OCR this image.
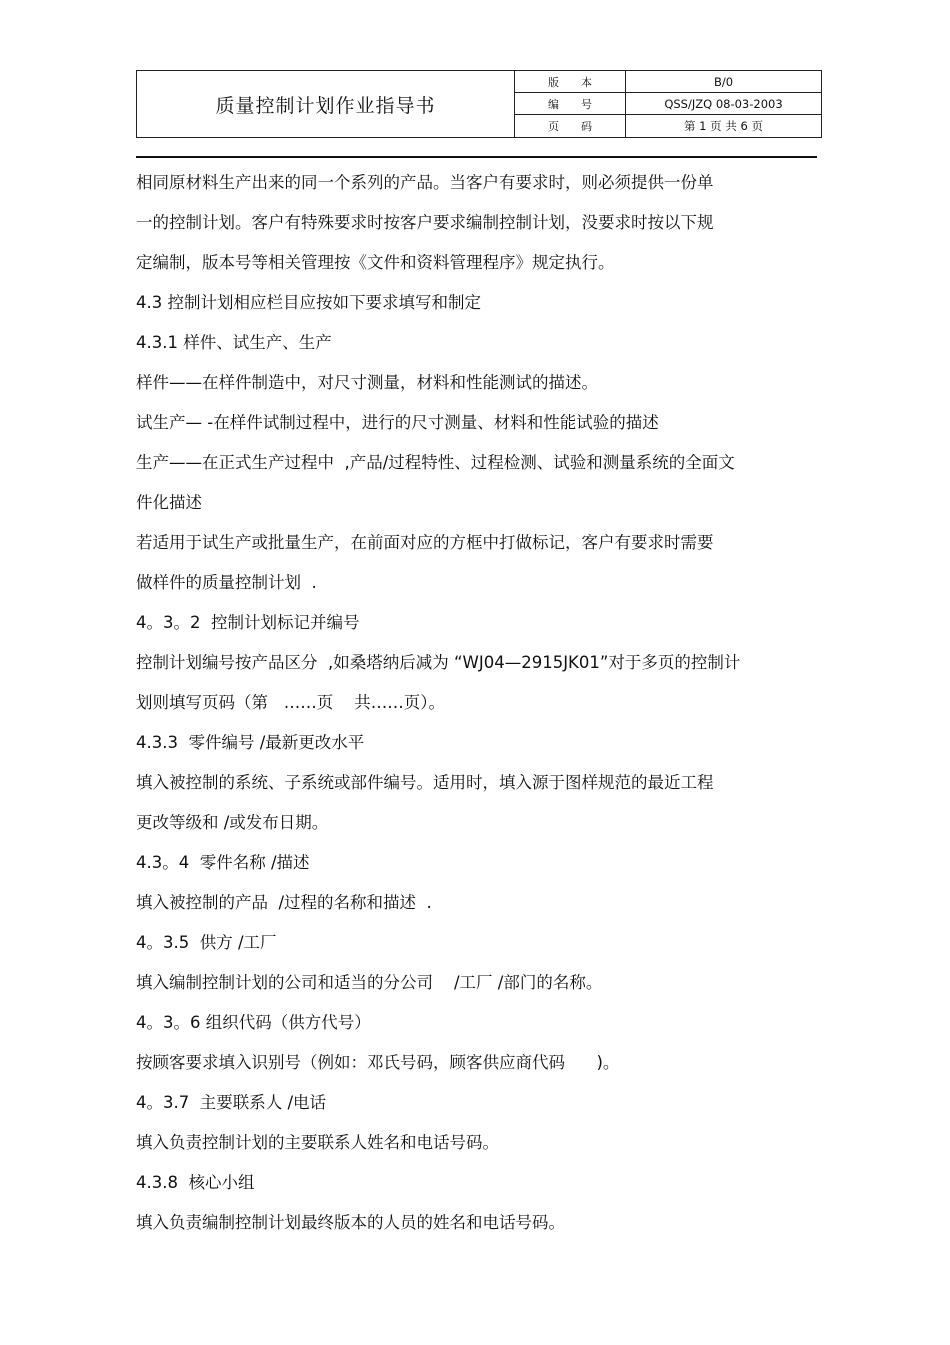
质量控制计划作业指导书
版本	B/0
编号	QSS/JZQ 08-03-2003
页码	第 1 页 共 6 页
相同原材料生产出来的同一个系列的产品。当客户有要求时，则必须提供一份单
一的控制计划。客户有特殊要求时按客户要求编制控制计划，没要求时按以下规
定编制，版本号等相关管理按《文件和资料管理程序》规定执行。
4.3 控制计划相应栏目应按如下要求填写和制定
4.3.1 样件、试生产、生产
样件——在样件制造中，对尺寸测量，材料和性能测试的描述。
试生产— -在样件试制过程中，进行的尺寸测量、材料和性能试验的描述
生产——在正式生产过程中  ,产品/过程特性、过程检测、试验和测量系统的全面文
件化描述
若适用于试生产或批量生产，在前面对应的方框中打做标记，客户有要求时需要
做样件的质量控制计划  .
4。3。2  控制计划标记并编号
控制计划编号按产品区分  ,如桑塔纳后减为 “WJ04—2915JK01”对于多页的控制计
划则填写页码（第   ……页    共……页）。
4.3.3  零件编号 /最新更改水平
填入被控制的系统、子系统或部件编号。适用时，填入源于图样规范的最近工程
更改等级和 /或发布日期。
4.3。4  零件名称 /描述
填入被控制的产品  /过程的名称和描述  .
4。3.5  供方 /工厂
填入编制控制计划的公司和适当的分公司    /工厂 /部门的名称。
4。3。6 组织代码（供方代号）
按顾客要求填入识别号（例如：邓氏号码，顾客供应商代码      )。
4。3.7  主要联系人 /电话
填入负责控制计划的主要联系人姓名和电话号码。
4.3.8  核心小组
填入负责编制控制计划最终版本的人员的姓名和电话号码。
